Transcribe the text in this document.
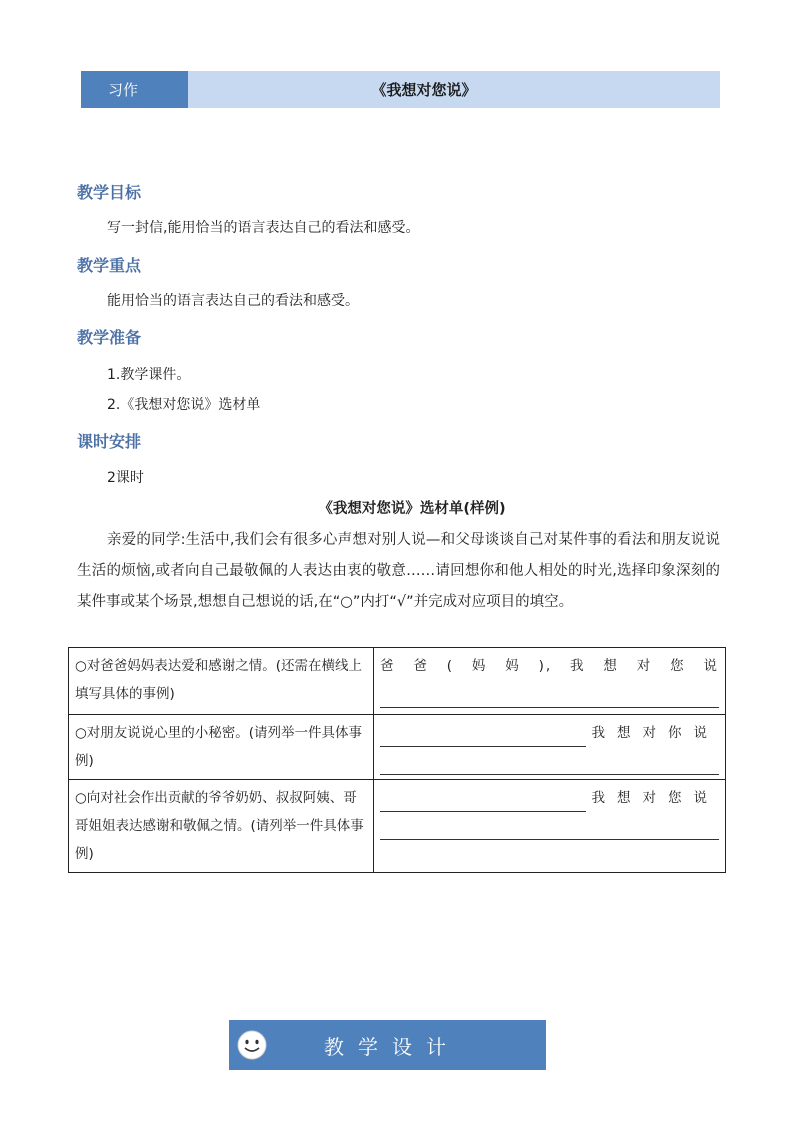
习作	《我想对您说》
教学目标
写一封信,能用恰当的语言表达自己的看法和感受。
教学重点
能用恰当的语言表达自己的看法和感受。
教学准备
1.教学课件。
2.《我想对您说》选材单
课时安排
2课时
《我想对您说》选材单(样例)
亲爱的同学:生活中,我们会有很多心声想对别人说—和父母谈谈自己对某件事的看法和朋友说说生活的烦恼,或者向自己最敬佩的人表达由衷的敬意……请回想你和他人相处的时光,选择印象深刻的某件事或某个场景,想想自己想说的话,在“○”内打“√”并完成对应项目的填空。
○对爸爸妈妈表达爱和感谢之情。(还需在横线上填写具体的事例)	爸爸(妈妈),我想对您说

○对朋友说说心里的小秘密。(请列举一件具体事例)	我想对你说

○向对社会作出贡献的爷爷奶奶、叔叔阿姨、哥哥姐姐表达感谢和敬佩之情。(请列举一件具体事例)	我想对您说
教学设计
